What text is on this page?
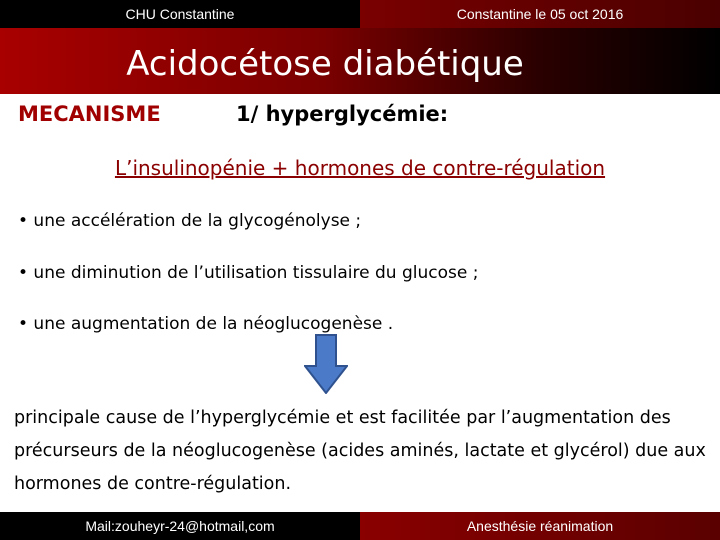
CHU Constantine	Constantine le 05 oct 2016
Acidocétose diabétique
MECANISME	1/ hyperglycémie:
L’insulinopénie + hormones de contre-régulation
• une accélération de la glycogénolyse ;
• une diminution de l’utilisation tissulaire du glucose ;
• une augmentation de la néoglucogenèse .
principale cause de l’hyperglycémie et est facilitée par l’augmentation des précurseurs de la néoglucogenèse (acides aminés, lactate et glycérol) due aux hormones de contre-régulation.
Mail:zouheyr-24@hotmail,com	Anesthésie réanimation
